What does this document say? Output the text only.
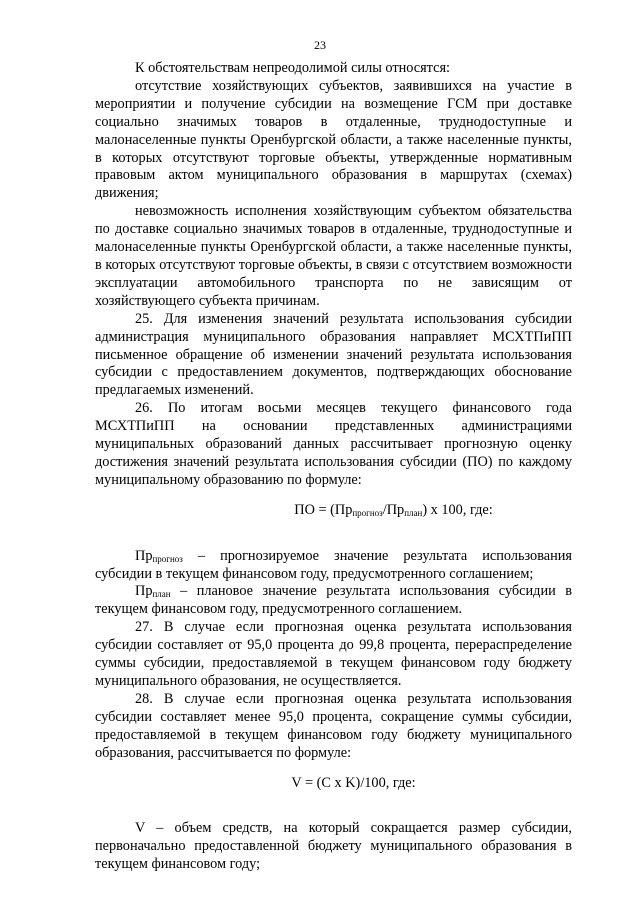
23

К обстоятельствам непреодолимой силы относятся:

отсутствие хозяйствующих субъектов, заявившихся на участие в мероприятии и получение субсидии на возмещение ГСМ при доставке социально значимых товаров в отдаленные, труднодоступные и малонаселенные пункты Оренбургской области, а также населенные пункты, в которых отсутствуют торговые объекты, утвержденные нормативным правовым актом муниципального образования в маршрутах (схемах) движения;

невозможность исполнения хозяйствующим субъектом обязательства по доставке социально значимых товаров в отдаленные, труднодоступные и малонаселенные пункты Оренбургской области, а также населенные пункты, в которых отсутствуют торговые объекты, в связи с отсутствием возможности эксплуатации автомобильного транспорта по не зависящим от хозяйствующего субъекта причинам.

25. Для изменения значений результата использования субсидии администрация муниципального образования направляет МСХТПиПП письменное обращение об изменении значений результата использования субсидии с предоставлением документов, подтверждающих обоснование предлагаемых изменений.

26. По итогам восьми месяцев текущего финансового года МСХТПиПП на основании представленных администрациями муниципальных образований данных рассчитывает прогнозную оценку достижения значений результата использования субсидии (ПО) по каждому муниципальному образованию по формуле:

ПО = $(Пр_{прогноз}/Пр_{план})$ х 100, где:

$Пр_{прогноз}$ – прогнозируемое значение результата использования субсидии в текущем финансовом году, предусмотренного соглашением;

$Пр_{план}$ – плановое значение результата использования субсидии в текущем финансовом году, предусмотренного соглашением.

27. В случае если прогнозная оценка результата использования субсидии составляет от 95,0 процента до 99,8 процента, перераспределение суммы субсидии, предоставляемой в текущем финансовом году бюджету муниципального образования, не осуществляется.

28. В случае если прогнозная оценка результата использования субсидии составляет менее 95,0 процента, сокращение суммы субсидии, предоставляемой в текущем финансовом году бюджету муниципального образования, рассчитывается по формуле:

V = (C х K)/100, где:

V – объем средств, на который сокращается размер субсидии, первоначально предоставленной бюджету муниципального образования в текущем финансовом году;
